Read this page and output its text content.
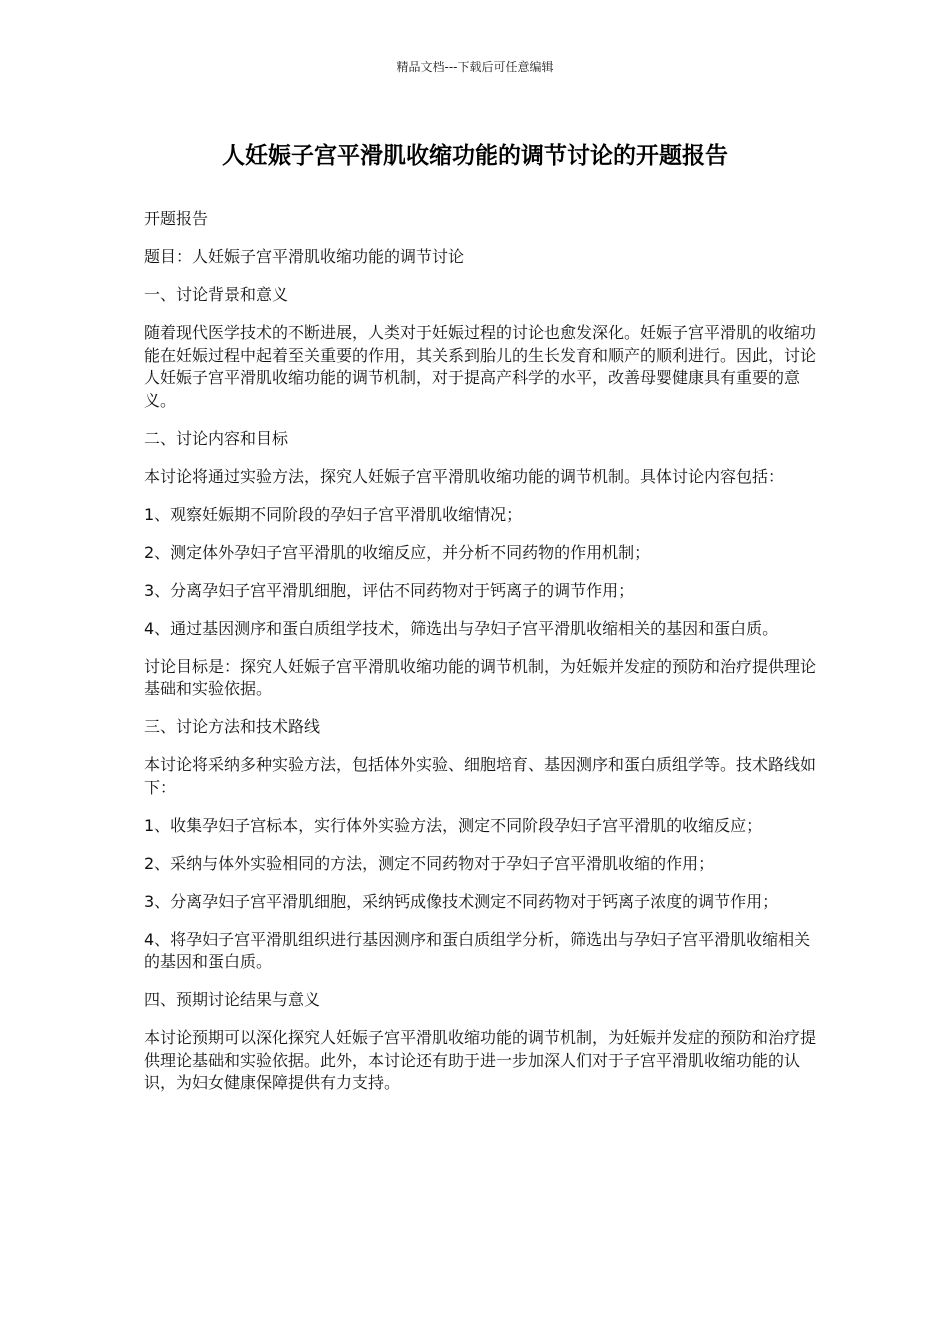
精品文档---下载后可任意编辑
人妊娠子宫平滑肌收缩功能的调节讨论的开题报告

开题报告

题目：人妊娠子宫平滑肌收缩功能的调节讨论

一、讨论背景和意义

随着现代医学技术的不断进展，人类对于妊娠过程的讨论也愈发深化。妊娠子宫平滑肌的收缩功能在妊娠过程中起着至关重要的作用，其关系到胎儿的生长发育和顺产的顺利进行。因此，讨论人妊娠子宫平滑肌收缩功能的调节机制，对于提高产科学的水平，改善母婴健康具有重要的意义。

二、讨论内容和目标

本讨论将通过实验方法，探究人妊娠子宫平滑肌收缩功能的调节机制。具体讨论内容包括：

1、观察妊娠期不同阶段的孕妇子宫平滑肌收缩情况；

2、测定体外孕妇子宫平滑肌的收缩反应，并分析不同药物的作用机制；

3、分离孕妇子宫平滑肌细胞，评估不同药物对于钙离子的调节作用；

4、通过基因测序和蛋白质组学技术，筛选出与孕妇子宫平滑肌收缩相关的基因和蛋白质。

讨论目标是：探究人妊娠子宫平滑肌收缩功能的调节机制，为妊娠并发症的预防和治疗提供理论基础和实验依据。

三、讨论方法和技术路线

本讨论将采纳多种实验方法，包括体外实验、细胞培育、基因测序和蛋白质组学等。技术路线如下：

1、收集孕妇子宫标本，实行体外实验方法，测定不同阶段孕妇子宫平滑肌的收缩反应；

2、采纳与体外实验相同的方法，测定不同药物对于孕妇子宫平滑肌收缩的作用；

3、分离孕妇子宫平滑肌细胞，采纳钙成像技术测定不同药物对于钙离子浓度的调节作用；

4、将孕妇子宫平滑肌组织进行基因测序和蛋白质组学分析，筛选出与孕妇子宫平滑肌收缩相关的基因和蛋白质。

四、预期讨论结果与意义

本讨论预期可以深化探究人妊娠子宫平滑肌收缩功能的调节机制，为妊娠并发症的预防和治疗提供理论基础和实验依据。此外，本讨论还有助于进一步加深人们对于子宫平滑肌收缩功能的认识，为妇女健康保障提供有力支持。
